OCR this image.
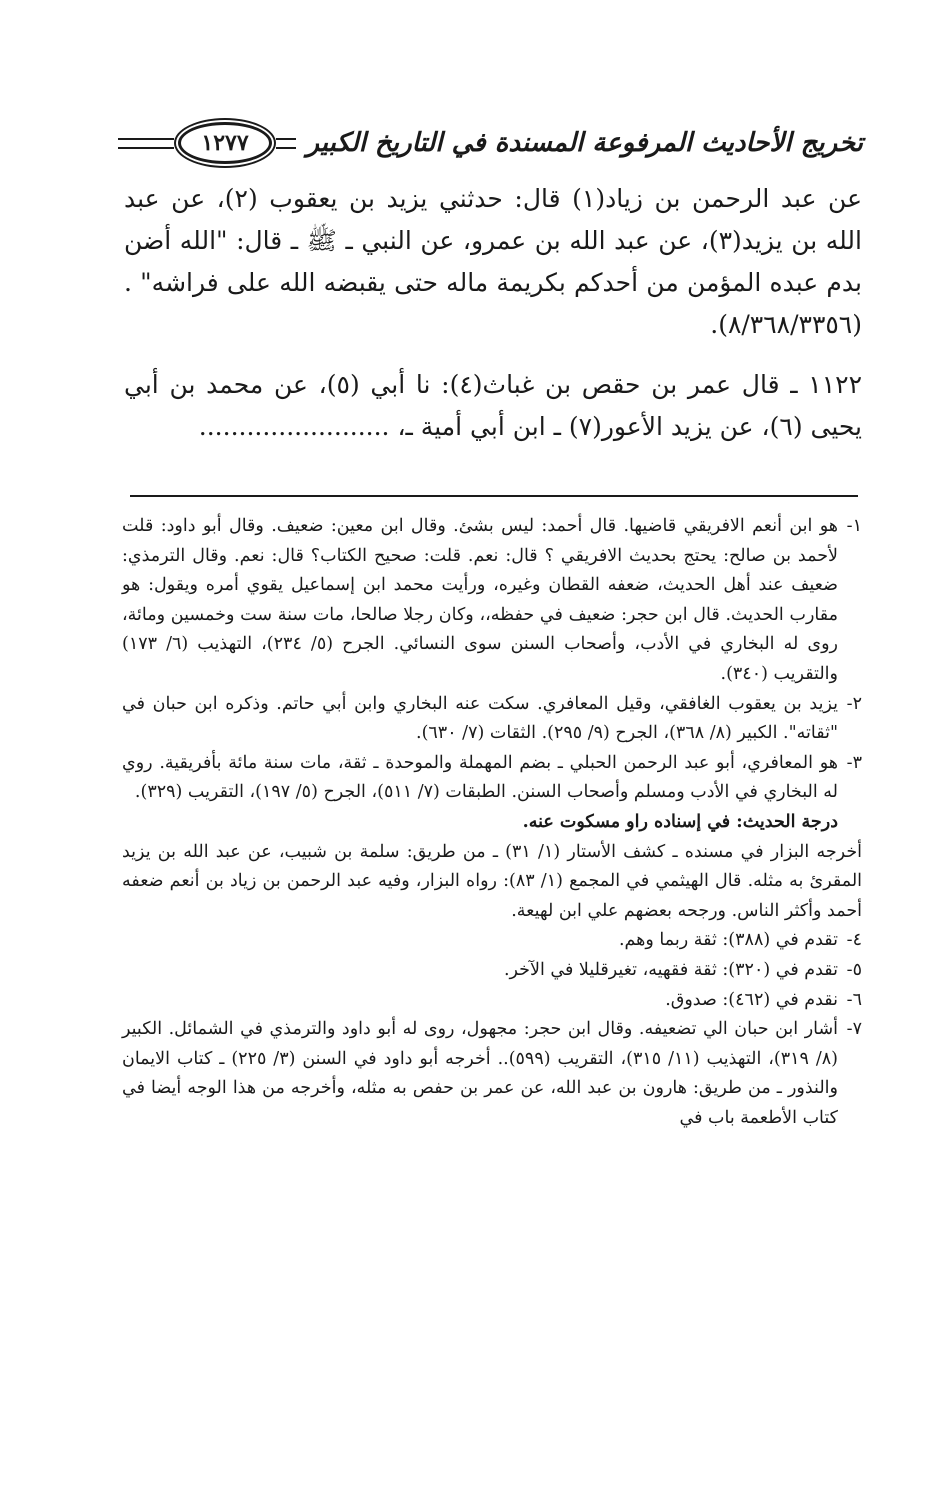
تخريج الأحاديث المرفوعة المسندة في التاريخ الكبير
١٢٧٧

عن عبد الرحمن بن زياد(١) قال: حدثني يزيد بن يعقوب (٢)، عن عبد الله بن يزيد(٣)، عن عبد الله بن عمرو، عن النبي ـ ﷺ ـ قال: "الله أضن بدم عبده المؤمن من أحدكم بكريمة ماله حتى يقبضه الله على فراشه" . (٨/٣٦٨/٣٣٥٦).

١١٢٢ ـ قال عمر بن حقص بن غباث(٤): نا أبي (٥)، عن محمد بن أبي يحيى (٦)، عن يزيد الأعور(٧) ـ ابن أبي أمية ـ، ........................

١-
هو ابن أنعم الافريقي قاضيها. قال أحمد: ليس بشئ. وقال ابن معين: ضعيف. وقال أبو داود: قلت لأحمد بن صالح: يحتج بحديث الافريقي ؟ قال: نعم. قلت: صحيح الكتاب؟ قال: نعم. وقال الترمذي: ضعيف عند أهل الحديث، ضعفه القطان وغيره، ورأيت محمد ابن إسماعيل يقوي أمره ويقول: هو مقارب الحديث. قال ابن حجر: ضعيف في حفظه،، وكان رجلا صالحا، مات سنة ست وخمسين ومائة، روى له البخاري في الأدب، وأصحاب السنن سوى النسائي. الجرح (٥/ ٢٣٤)، التهذيب (٦/ ١٧٣) والتقريب (٣٤٠).
٢-
يزيد بن يعقوب الغافقي، وقيل المعافري. سكت عنه البخاري وابن أبي حاتم. وذكره ابن حبان في "ثقاته". الكبير (٨/ ٣٦٨)، الجرح (٩/ ٢٩٥). الثقات (٧/ ٦٣٠).
٣-
هو المعافري، أبو عبد الرحمن الحبلي ـ بضم المهملة والموحدة ـ ثقة، مات سنة مائة بأفريقية. روي له البخاري في الأدب ومسلم وأصحاب السنن. الطبقات (٧/ ٥١١)، الجرح (٥/ ١٩٧)، التقريب (٣٢٩).
درجة الحديث: في إسناده راو مسكوت عنه.
أخرجه البزار في مسنده ـ كشف الأستار (١/ ٣١) ـ من طريق: سلمة بن شبيب، عن عبد الله بن يزيد المقرئ به مثله. قال الهيثمي في المجمع (١/ ٨٣): رواه البزار، وفيه عبد الرحمن بن زياد بن أنعم ضعفه أحمد وأكثر الناس. ورجحه بعضهم علي ابن لهيعة.
٤-
تقدم في (٣٨٨): ثقة ربما وهم.
٥-
تقدم في (٣٢٠): ثقة فقهيه، تغيرقليلا في الآخر.
٦-
نقدم في (٤٦٢): صدوق.
٧-
أشار ابن حبان الي تضعيفه. وقال ابن حجر: مجهول، روى له أبو داود والترمذي في الشمائل. الكبير (٨/ ٣١٩)، التهذيب (١١/ ٣١٥)، التقريب (٥٩٩).. أخرجه أبو داود في السنن (٣/ ٢٢٥) ـ كتاب الايمان والنذور ـ من طريق: هارون بن عبد الله، عن عمر بن حفص به مثله، وأخرجه من هذا الوجه أيضا في كتاب الأطعمة باب في
